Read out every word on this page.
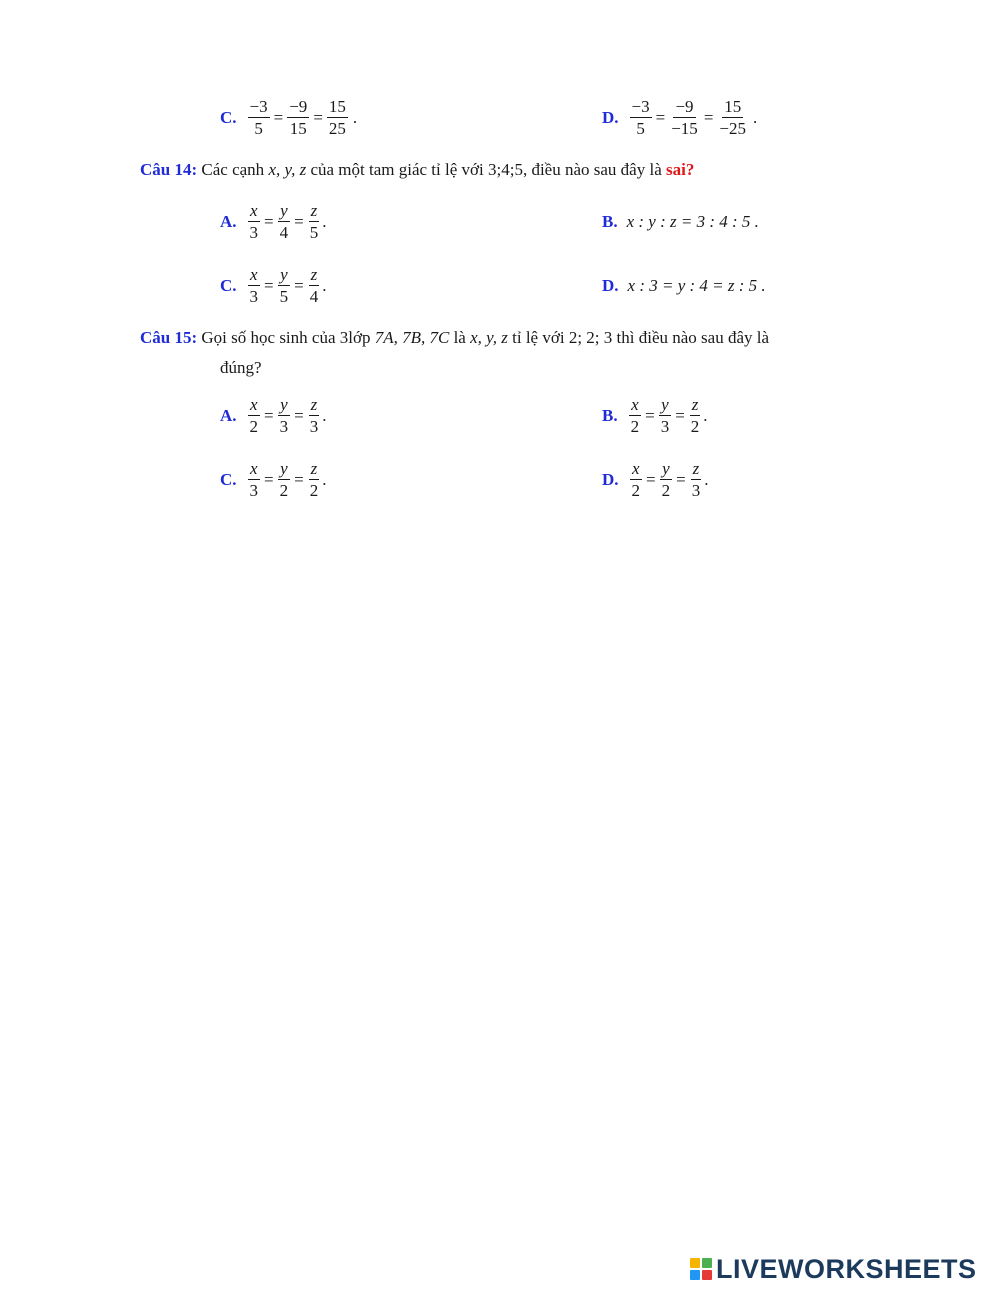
C. $\frac{-3}{5} = \frac{-9}{15} = \frac{15}{25}$ .	D. $\frac{-3}{5} = \frac{-9}{-15} = \frac{15}{-25}$ .
Câu 14: Các cạnh x, y, z của một tam giác tỉ lệ với 3;4;5, điều nào sau đây là sai?
A. $\frac{x}{3} = \frac{y}{4} = \frac{z}{5}$ .	B. x : y : z = 3 : 4 : 5 .
C. $\frac{x}{3} = \frac{y}{5} = \frac{z}{4}$ .	D. x : 3 = y : 4 = z : 5 .
Câu 15: Gọi số học sinh của 3lớp 7A, 7B, 7C là x, y, z tỉ lệ với 2; 2; 3 thì điều nào sau đây là
đúng?
A. $\frac{x}{2} = \frac{y}{3} = \frac{z}{3}$ .	B. $\frac{x}{2} = \frac{y}{3} = \frac{z}{2}$ .
C. $\frac{x}{3} = \frac{y}{2} = \frac{z}{2}$ .	D. $\frac{x}{2} = \frac{y}{2} = \frac{z}{3}$ .
LIVEWORKSHEETS
